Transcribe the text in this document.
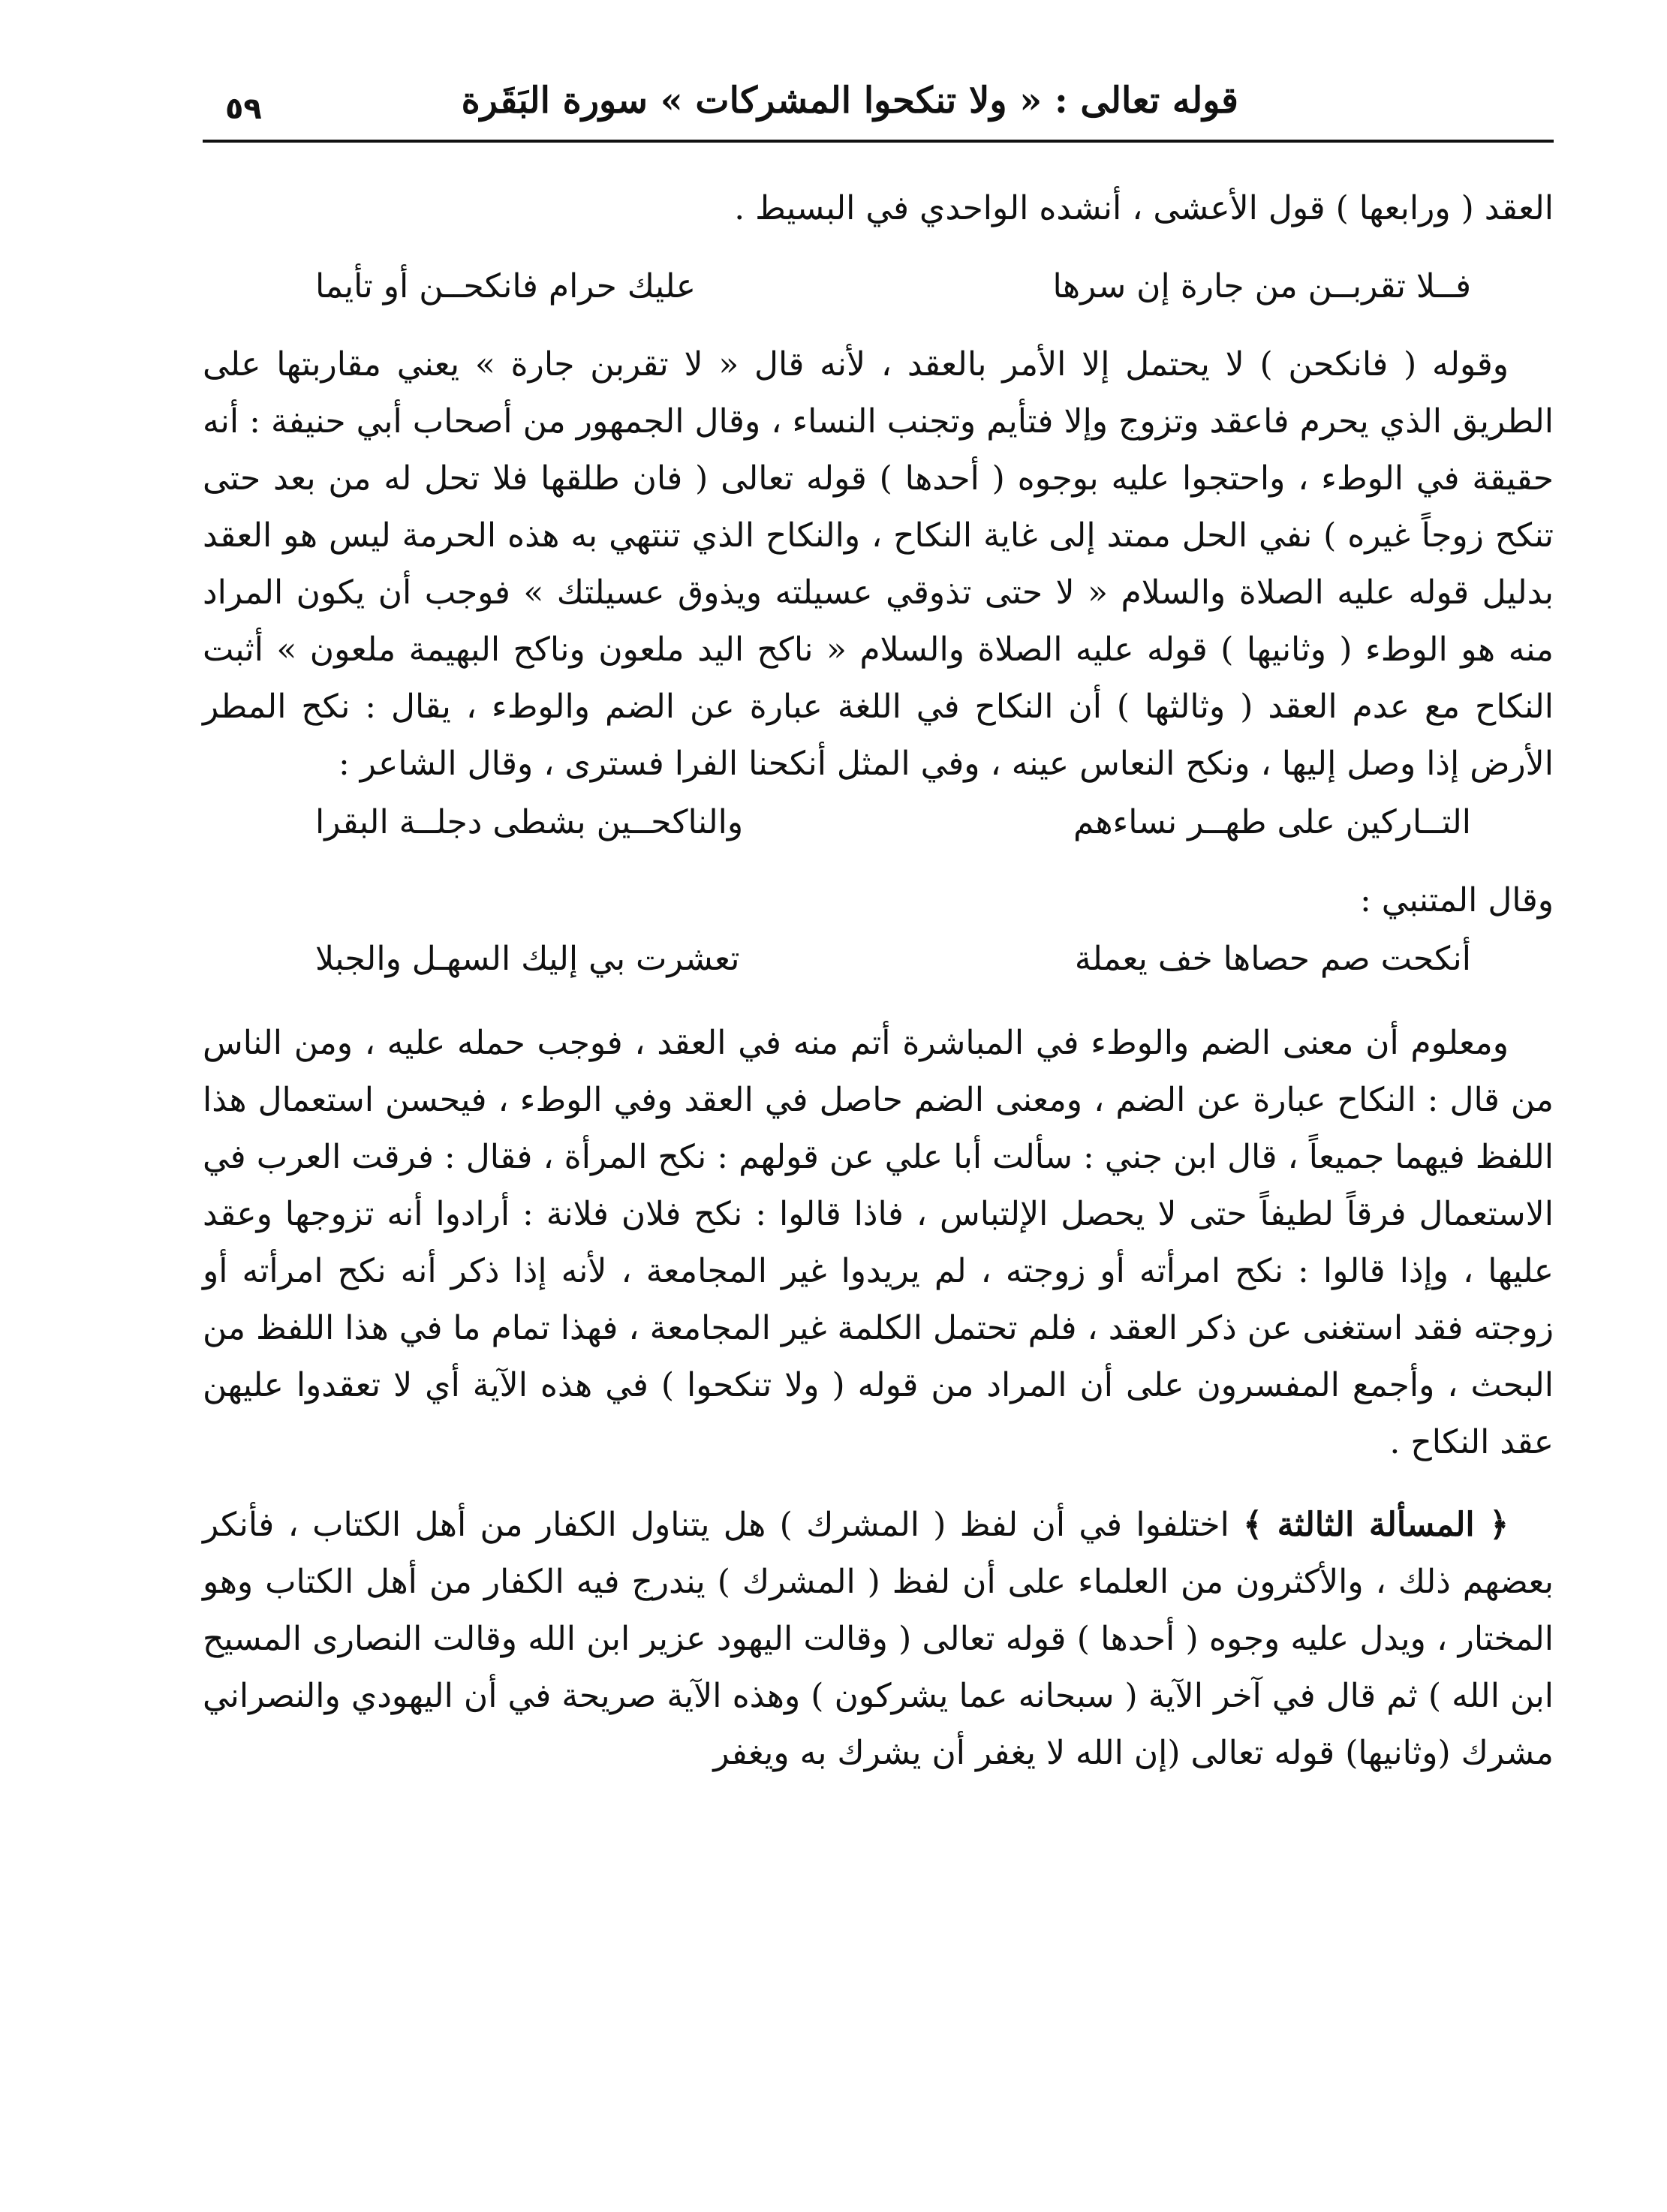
قوله تعالى : « ولا تنكحوا المشركات » سورة البَقَرة
٥٩

العقد ( ورابعها ) قول الأعشى ، أنشده الواحدي في البسيط .

فــلا تقربــن من جارة إن سرها
عليك حرام فانكحــن أو تأيما

وقوله ( فانكحن ) لا يحتمل إلا الأمر بالعقد ، لأنه قال « لا تقربن جارة » يعني مقاربتها على الطريق الذي يحرم فاعقد وتزوج وإلا فتأيم وتجنب النساء ، وقال الجمهور من أصحاب أبي حنيفة : أنه حقيقة في الوطء ، واحتجوا عليه بوجوه ( أحدها ) قوله تعالى ( فان طلقها فلا تحل له من بعد حتى تنكح زوجاً غيره ) نفي الحل ممتد إلى غاية النكاح ، والنكاح الذي تنتهي به هذه الحرمة ليس هو العقد بدليل قوله عليه الصلاة والسلام « لا حتى تذوقي عسيلته ويذوق عسيلتك » فوجب أن يكون المراد منه هو الوطء ( وثانيها ) قوله عليه الصلاة والسلام « ناكح اليد ملعون وناكح البهيمة ملعون » أثبت النكاح مع عدم العقد ( وثالثها ) أن النكاح في اللغة عبارة عن الضم والوطء ، يقال : نكح المطر الأرض إذا وصل إليها ، ونكح النعاس عينه ، وفي المثل أنكحنا الفرا فسترى ، وقال الشاعر :

التــاركين على طهــر نساءهم
والناكحــين بشطى دجلــة البقرا

وقال المتنبي :

أنكحت صم حصاها خف يعملة
تعشرت بي إليك السهـل والجبلا

ومعلوم أن معنى الضم والوطء في المباشرة أتم منه في العقد ، فوجب حمله عليه ، ومن الناس من قال : النكاح عبارة عن الضم ، ومعنى الضم حاصل في العقد وفي الوطء ، فيحسن استعمال هذا اللفظ فيهما جميعاً ، قال ابن جني : سألت أبا علي عن قولهم : نكح المرأة ، فقال : فرقت العرب في الاستعمال فرقاً لطيفاً حتى لا يحصل الإلتباس ، فاذا قالوا : نكح فلان فلانة : أرادوا أنه تزوجها وعقد عليها ، وإذا قالوا : نكح امرأته أو زوجته ، لم يريدوا غير المجامعة ، لأنه إذا ذكر أنه نكح امرأته أو زوجته فقد استغنى عن ذكر العقد ، فلم تحتمل الكلمة غير المجامعة ، فهذا تمام ما في هذا اللفظ من البحث ، وأجمع المفسرون على أن المراد من قوله ( ولا تنكحوا ) في هذه الآية أي لا تعقدوا عليهن عقد النكاح .

﴿ المسألة الثالثة ﴾ اختلفوا في أن لفظ ( المشرك ) هل يتناول الكفار من أهل الكتاب ، فأنكر بعضهم ذلك ، والأكثرون من العلماء على أن لفظ ( المشرك ) يندرج فيه الكفار من أهل الكتاب وهو المختار ، ويدل عليه وجوه ( أحدها ) قوله تعالى ( وقالت اليهود عزير ابن الله وقالت النصارى المسيح ابن الله ) ثم قال في آخر الآية ( سبحانه عما يشركون ) وهذه الآية صريحة في أن اليهودي والنصراني مشرك (وثانيها) قوله تعالى (إن الله لا يغفر أن يشرك به ويغفر
